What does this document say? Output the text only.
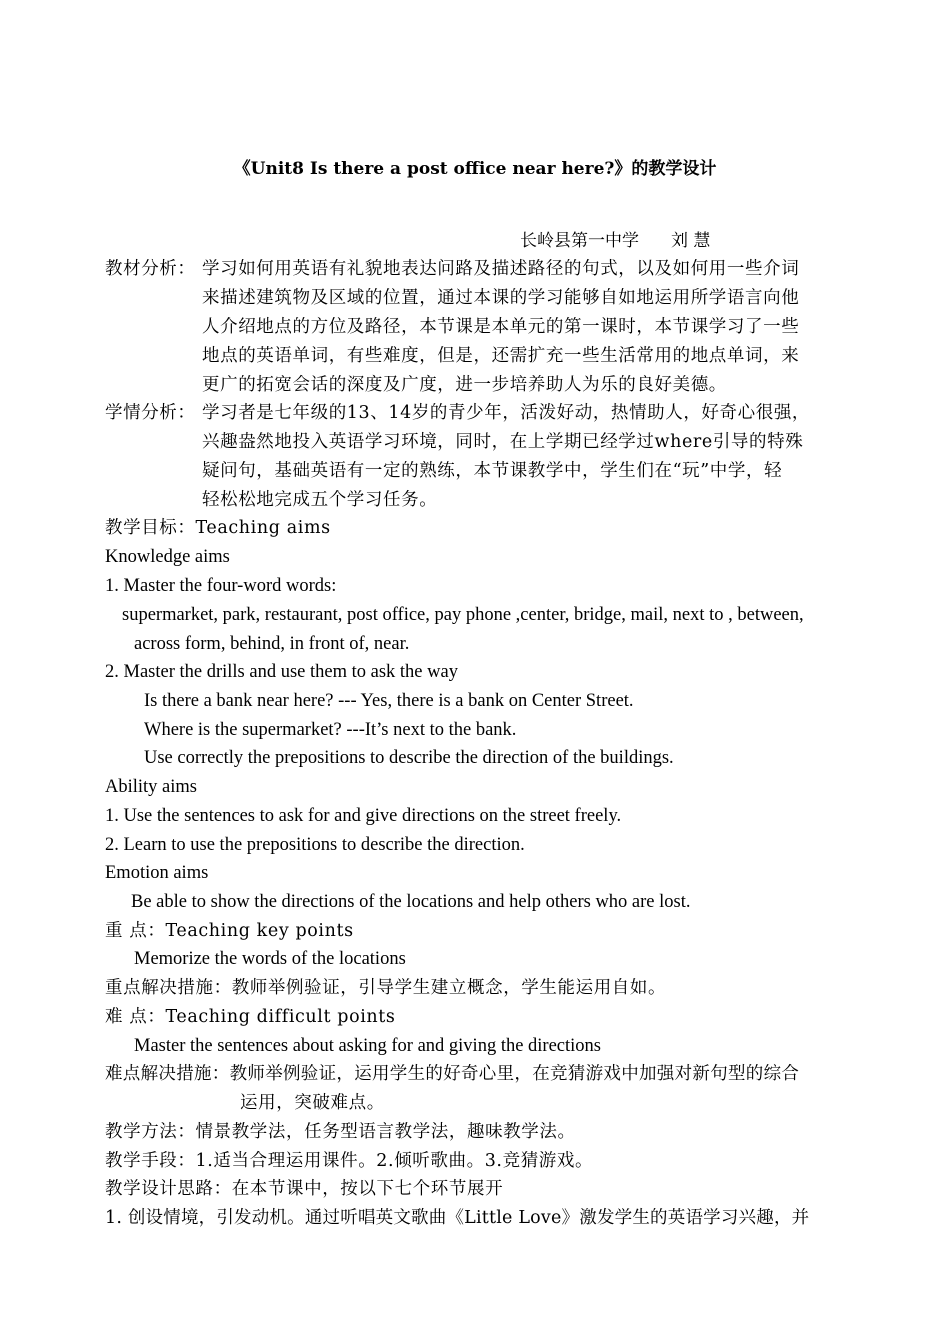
《Unit8 Is there a post office near here?》的教学设计
长岭县第一中学 刘 慧
教材分析： 学习如何用英语有礼貌地表达问路及描述路径的句式，以及如何用一些介词
来描述建筑物及区域的位置，通过本课的学习能够自如地运用所学语言向他
人介绍地点的方位及路径，本节课是本单元的第一课时，本节课学习了一些
地点的英语单词，有些难度，但是，还需扩充一些生活常用的地点单词，来
更广的拓宽会话的深度及广度，进一步培养助人为乐的良好美德。
学情分析： 学习者是七年级的13、14岁的青少年，活泼好动，热情助人，好奇心很强，
兴趣盎然地投入英语学习环境，同时，在上学期已经学过where引导的特殊
疑问句，基础英语有一定的熟练，本节课教学中，学生们在“玩”中学，轻
轻松松地完成五个学习任务。
教学目标：Teaching aims
Knowledge aims
1. Master the four-word words:
supermarket, park, restaurant, post office, pay phone ,center, bridge, mail, next to , between,
across form, behind, in front of, near.
2. Master the drills and use them to ask the way
Is there a bank near here? --- Yes, there is a bank on Center Street.
Where is the supermarket? ---It’s next to the bank.
Use correctly the prepositions to describe the direction of the buildings.
Ability aims
1. Use the sentences to ask for and give directions on the street freely.
2. Learn to use the prepositions to describe the direction.
Emotion aims
Be able to show the directions of the locations and help others who are lost.
重 点：Teaching key points
Memorize the words of the locations
重点解决措施：教师举例验证，引导学生建立概念，学生能运用自如。
难 点：Teaching difficult points
Master the sentences about asking for and giving the directions
难点解决措施：教师举例验证，运用学生的好奇心里，在竞猜游戏中加强对新句型的综合
运用，突破难点。
教学方法：情景教学法，任务型语言教学法，趣味教学法。
教学手段：1.适当合理运用课件。2.倾听歌曲。3.竞猜游戏。
教学设计思路：在本节课中，按以下七个环节展开
1. 创设情境，引发动机。通过听唱英文歌曲《Little Love》激发学生的英语学习兴趣，并
